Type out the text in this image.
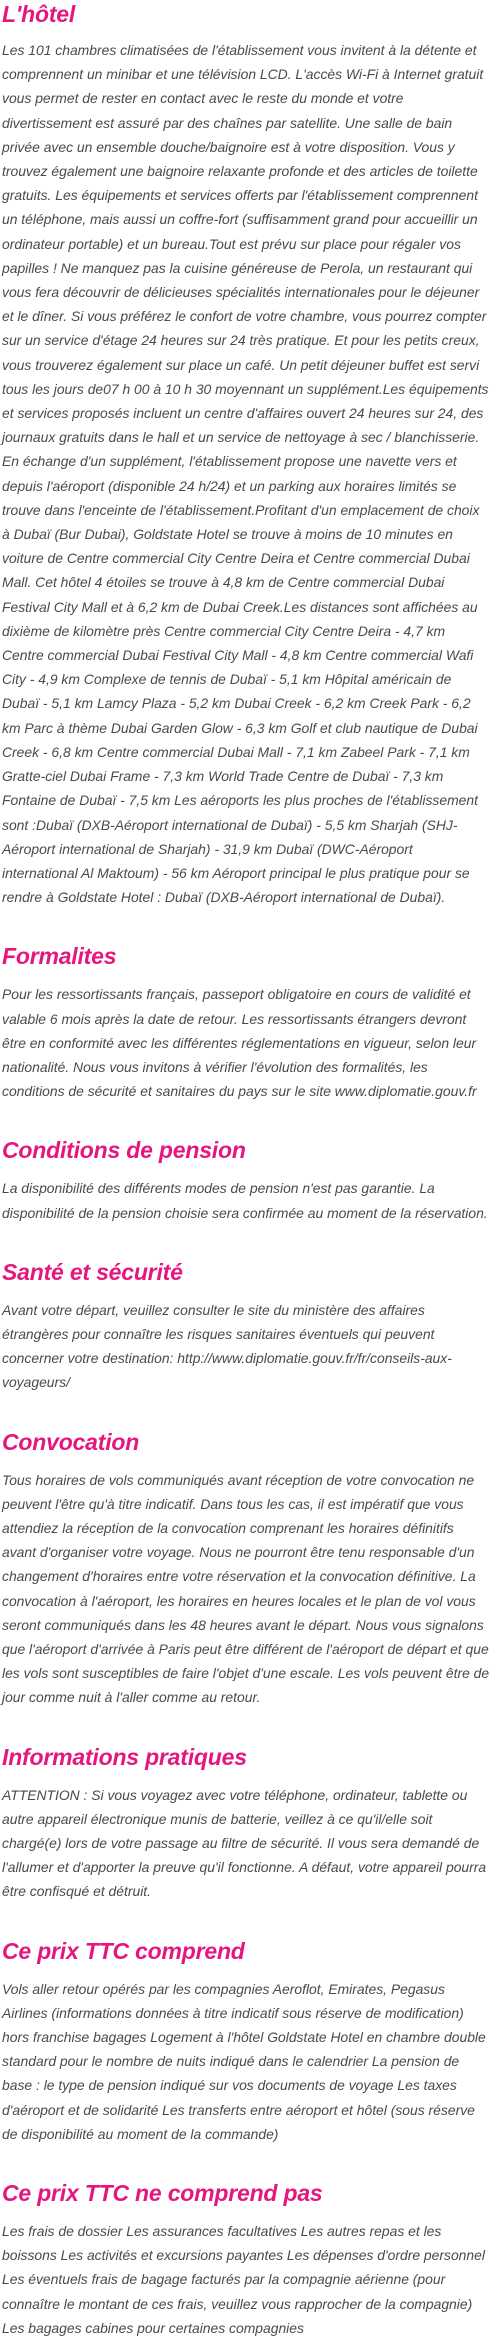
L'hôtel

Les 101 chambres climatisées de l'établissement vous invitent à la détente et comprennent un minibar et une télévision LCD. L'accès Wi-Fi à Internet gratuit vous permet de rester en contact avec le reste du monde et votre divertissement est assuré par des chaînes par satellite. Une salle de bain privée avec un ensemble douche/baignoire est à votre disposition. Vous y trouvez également une baignoire relaxante profonde et des articles de toilette gratuits. Les équipements et services offerts par l'établissement comprennent un téléphone, mais aussi un coffre-fort (suffisamment grand pour accueillir un ordinateur portable) et un bureau.Tout est prévu sur place pour régaler vos papilles ! Ne manquez pas la cuisine généreuse de Perola, un restaurant qui vous fera découvrir de délicieuses spécialités internationales pour le déjeuner et le dîner. Si vous préférez le confort de votre chambre, vous pourrez compter sur un service d'étage 24 heures sur 24 très pratique. Et pour les petits creux, vous trouverez également sur place un café. Un petit déjeuner buffet est servi tous les jours de07 h 00 à 10 h 30 moyennant un supplément.Les équipements et services proposés incluent un centre d'affaires ouvert 24 heures sur 24, des journaux gratuits dans le hall et un service de nettoyage à sec / blanchisserie. En échange d'un supplément, l'établissement propose une navette vers et depuis l'aéroport (disponible 24 h/24) et un parking aux horaires limités se trouve dans l'enceinte de l'établissement.Profitant d'un emplacement de choix à Dubaï (Bur Dubai), Goldstate Hotel se trouve à moins de 10 minutes en voiture de Centre commercial City Centre Deira et Centre commercial Dubai Mall. Cet hôtel 4 étoiles se trouve à 4,8 km de Centre commercial Dubai Festival City Mall et à 6,2 km de Dubai Creek.Les distances sont affichées au dixième de kilomètre près Centre commercial City Centre Deira - 4,7 km Centre commercial Dubai Festival City Mall - 4,8 km Centre commercial Wafi City - 4,9 km Complexe de tennis de Dubaï - 5,1 km Hôpital américain de Dubaï - 5,1 km Lamcy Plaza - 5,2 km Dubai Creek - 6,2 km Creek Park - 6,2 km Parc à thème Dubai Garden Glow - 6,3 km Golf et club nautique de Dubai Creek - 6,8 km Centre commercial Dubai Mall - 7,1 km Zabeel Park - 7,1 km Gratte-ciel Dubai Frame - 7,3 km World Trade Centre de Dubaï - 7,3 km Fontaine de Dubaï - 7,5 km Les aéroports les plus proches de l'établissement sont :Dubaï (DXB-Aéroport international de Dubaï) - 5,5 km Sharjah (SHJ-Aéroport international de Sharjah) - 31,9 km Dubaï (DWC-Aéroport international Al Maktoum) - 56 km Aéroport principal le plus pratique pour se rendre à Goldstate Hotel : Dubaï (DXB-Aéroport international de Dubaï).

Formalites

Pour les ressortissants français, passeport obligatoire en cours de validité et valable 6 mois après la date de retour. Les ressortissants étrangers devront être en conformité avec les différentes réglementations en vigueur, selon leur nationalité. Nous vous invitons à vérifier l'évolution des formalités, les conditions de sécurité et sanitaires du pays sur le site www.diplomatie.gouv.fr

Conditions de pension

La disponibilité des différents modes de pension n'est pas garantie. La disponibilité de la pension choisie sera confirmée au moment de la réservation.

Santé et sécurité

Avant votre départ, veuillez consulter le site du ministère des affaires étrangères pour connaître les risques sanitaires éventuels qui peuvent concerner votre destination: http://www.diplomatie.gouv.fr/fr/conseils-aux-voyageurs/

Convocation

Tous horaires de vols communiqués avant réception de votre convocation ne peuvent l'être qu'à titre indicatif. Dans tous les cas, il est impératif que vous attendiez la réception de la convocation comprenant les horaires définitifs avant d'organiser votre voyage. Nous ne pourront être tenu responsable d'un changement d'horaires entre votre réservation et la convocation définitive. La convocation à l'aéroport, les horaires en heures locales et le plan de vol vous seront communiqués dans les 48 heures avant le départ. Nous vous signalons que l'aéroport d'arrivée à Paris peut être différent de l'aéroport de départ et que les vols sont susceptibles de faire l'objet d'une escale. Les vols peuvent être de jour comme nuit à l'aller comme au retour.

Informations pratiques

ATTENTION : Si vous voyagez avec votre téléphone, ordinateur, tablette ou autre appareil électronique munis de batterie, veillez à ce qu'il/elle soit chargé(e) lors de votre passage au filtre de sécurité. Il vous sera demandé de l'allumer et d'apporter la preuve qu'il fonctionne. A défaut, votre appareil pourra être confisqué et détruit.

Ce prix TTC comprend

Vols aller retour opérés par les compagnies Aeroflot, Emirates, Pegasus Airlines (informations données à titre indicatif sous réserve de modification) hors franchise bagages Logement à l'hôtel Goldstate Hotel en chambre double standard pour le nombre de nuits indiqué dans le calendrier La pension de base : le type de pension indiqué sur vos documents de voyage Les taxes d'aéroport et de solidarité Les transferts entre aéroport et hôtel (sous réserve de disponibilité au moment de la commande)

Ce prix TTC ne comprend pas

Les frais de dossier Les assurances facultatives Les autres repas et les boissons Les activités et excursions payantes Les dépenses d'ordre personnel Les éventuels frais de bagage facturés par la compagnie aérienne (pour connaître le montant de ces frais, veuillez vous rapprocher de la compagnie) Les bagages cabines pour certaines compagnies
